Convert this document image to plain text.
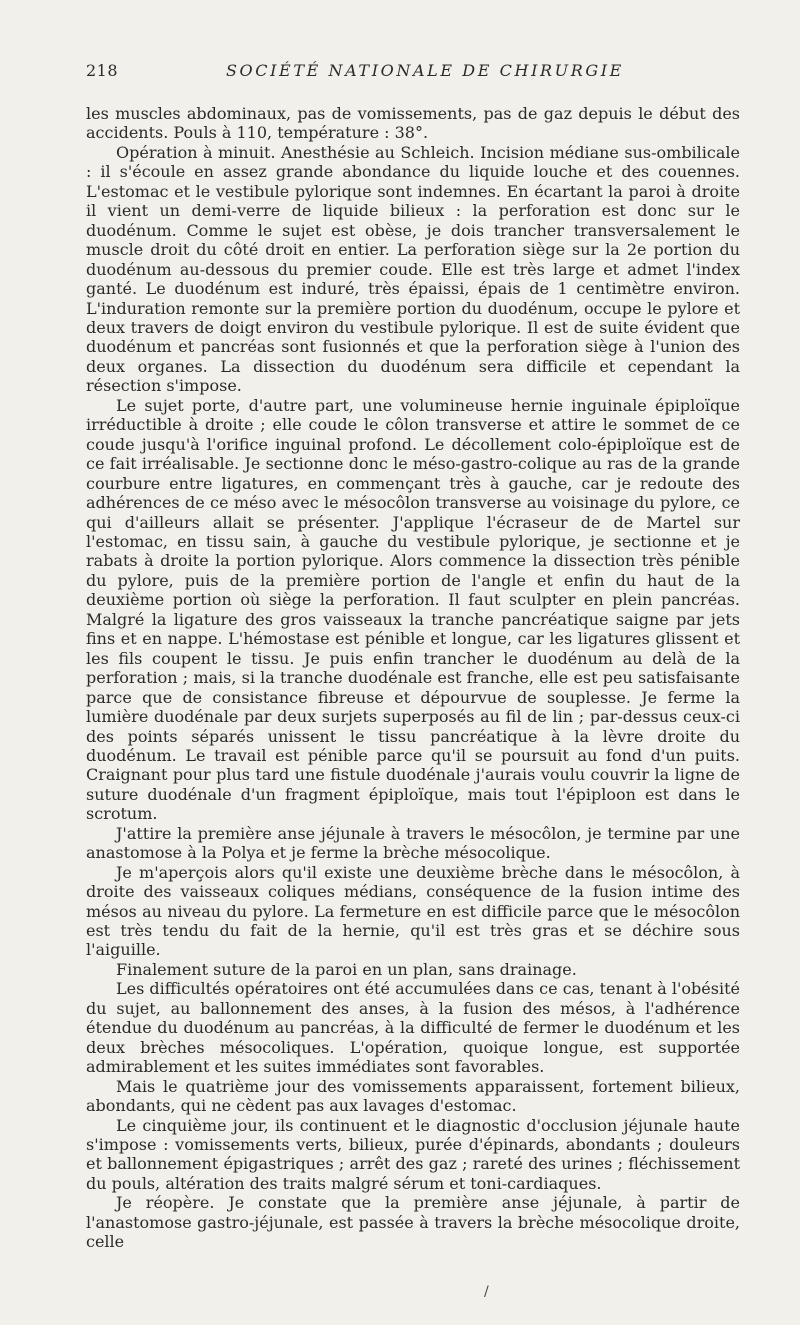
218	SOCIÉTÉ NATIONALE DE CHIRURGIE

les muscles abdominaux, pas de vomissements, pas de gaz depuis le début des accidents. Pouls à 110, température : 38°.

Opération à minuit. Anesthésie au Schleich. Incision médiane sus-ombilicale : il s'écoule en assez grande abondance du liquide louche et des couennes. L'estomac et le vestibule pylorique sont indemnes. En écartant la paroi à droite il vient un demi-verre de liquide bilieux : la perforation est donc sur le duodénum. Comme le sujet est obèse, je dois trancher transversalement le muscle droit du côté droit en entier. La perforation siège sur la 2e portion du duodénum au-dessous du premier coude. Elle est très large et admet l'index ganté. Le duodénum est induré, très épaissi, épais de 1 centimètre environ. L'induration remonte sur la première portion du duodénum, occupe le pylore et deux travers de doigt environ du vestibule pylorique. Il est de suite évident que duodénum et pancréas sont fusionnés et que la perforation siège à l'union des deux organes. La dissection du duodénum sera difficile et cependant la résection s'impose.

Le sujet porte, d'autre part, une volumineuse hernie inguinale épiploïque irréductible à droite ; elle coude le côlon transverse et attire le sommet de ce coude jusqu'à l'orifice inguinal profond. Le décollement colo-épiploïque est de ce fait irréalisable. Je sectionne donc le méso-gastro-colique au ras de la grande courbure entre ligatures, en commençant très à gauche, car je redoute des adhérences de ce méso avec le mésocôlon transverse au voisinage du pylore, ce qui d'ailleurs allait se présenter. J'applique l'écraseur de de Martel sur l'estomac, en tissu sain, à gauche du vestibule pylorique, je sectionne et je rabats à droite la portion pylorique. Alors commence la dissection très pénible du pylore, puis de la première portion de l'angle et enfin du haut de la deuxième portion où siège la perforation. Il faut sculpter en plein pancréas. Malgré la ligature des gros vaisseaux la tranche pancréatique saigne par jets fins et en nappe. L'hémostase est pénible et longue, car les ligatures glissent et les fils coupent le tissu. Je puis enfin trancher le duodénum au delà de la perforation ; mais, si la tranche duodénale est franche, elle est peu satisfaisante parce que de consistance fibreuse et dépourvue de souplesse. Je ferme la lumière duodénale par deux surjets superposés au fil de lin ; par-dessus ceux-ci des points séparés unissent le tissu pancréatique à la lèvre droite du duodénum. Le travail est pénible parce qu'il se poursuit au fond d'un puits. Craignant pour plus tard une fistule duodénale j'aurais voulu couvrir la ligne de suture duodénale d'un fragment épiploïque, mais tout l'épiploon est dans le scrotum.

J'attire la première anse jéjunale à travers le mésocôlon, je termine par une anastomose à la Polya et je ferme la brèche mésocolique.

Je m'aperçois alors qu'il existe une deuxième brèche dans le mésocôlon, à droite des vaisseaux coliques médians, conséquence de la fusion intime des mésos au niveau du pylore. La fermeture en est difficile parce que le mésocôlon est très tendu du fait de la hernie, qu'il est très gras et se déchire sous l'aiguille.

Finalement suture de la paroi en un plan, sans drainage.

Les difficultés opératoires ont été accumulées dans ce cas, tenant à l'obésité du sujet, au ballonnement des anses, à la fusion des mésos, à l'adhérence étendue du duodénum au pancréas, à la difficulté de fermer le duodénum et les deux brèches mésocoliques. L'opération, quoique longue, est supportée admirablement et les suites immédiates sont favorables.

Mais le quatrième jour des vomissements apparaissent, fortement bilieux, abondants, qui ne cèdent pas aux lavages d'estomac.

Le cinquième jour, ils continuent et le diagnostic d'occlusion jéjunale haute s'impose : vomissements verts, bilieux, purée d'épinards, abondants ; douleurs et ballonnement épigastriques ; arrêt des gaz ; rareté des urines ; fléchissement du pouls, altération des traits malgré sérum et toni-cardiaques.

Je réopère. Je constate que la première anse jéjunale, à partir de l'anastomose gastro-jéjunale, est passée à travers la brèche mésocolique droite, celle

/
